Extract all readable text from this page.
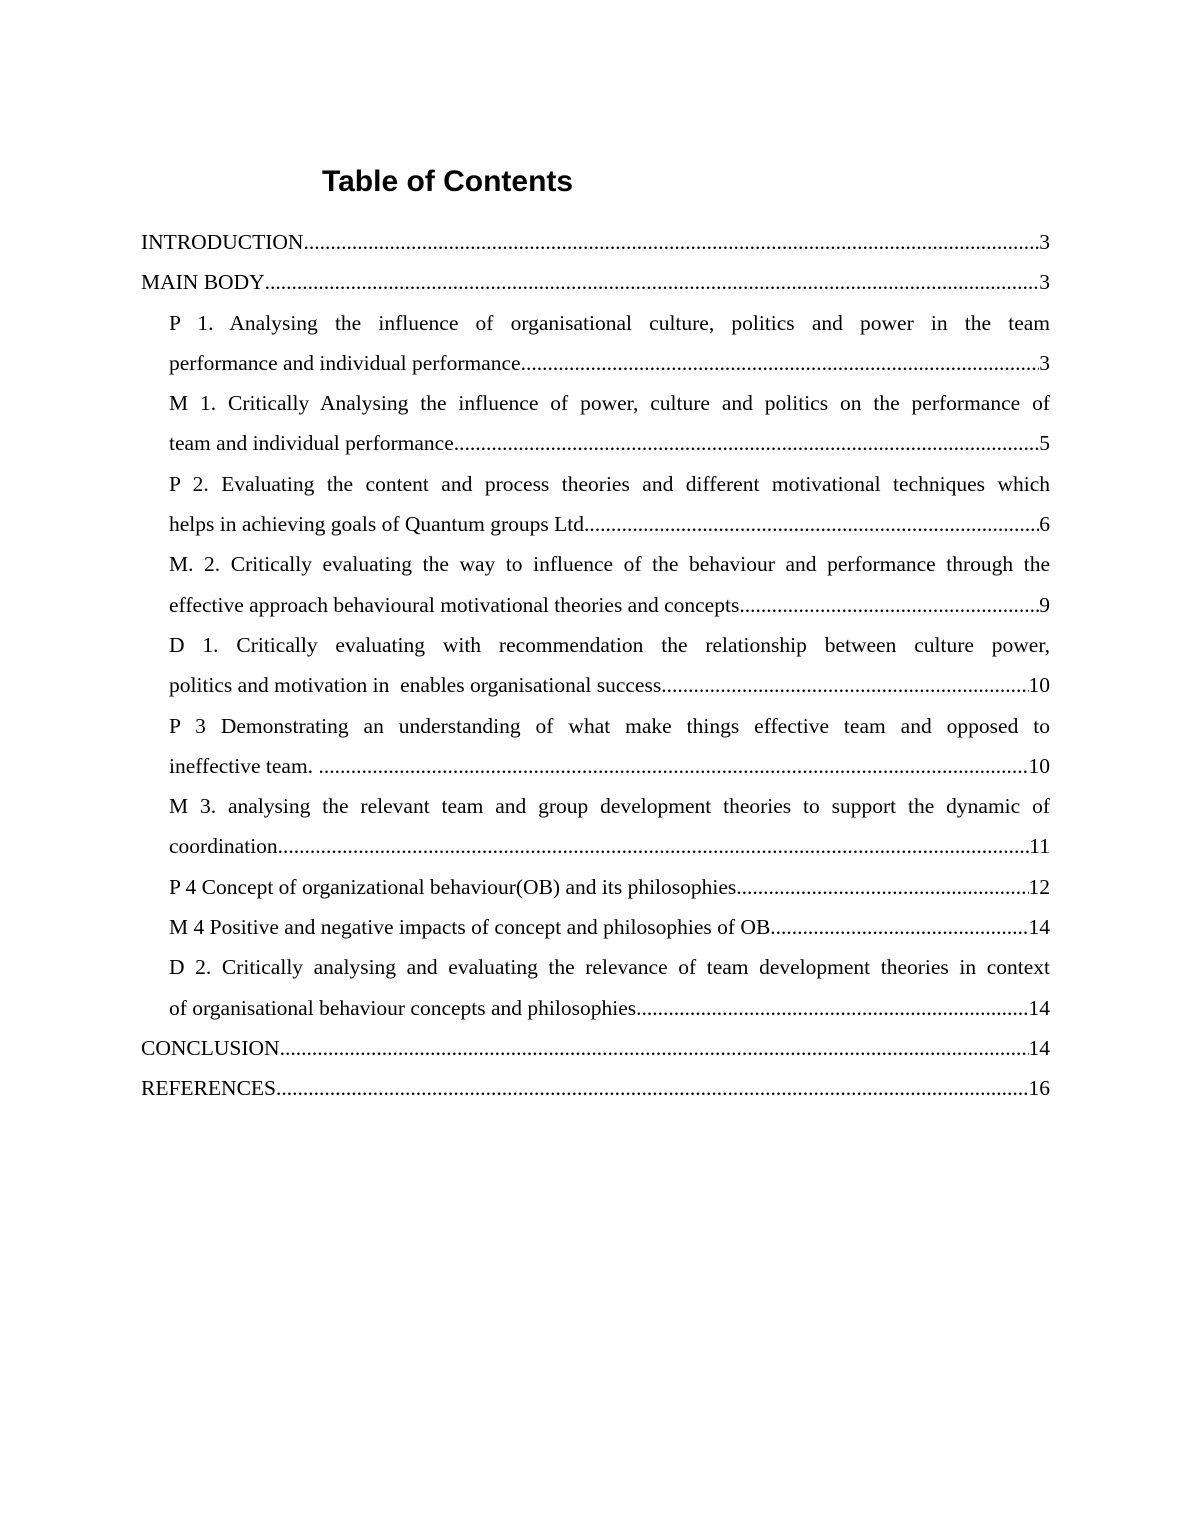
Table of Contents
INTRODUCTION .....	3
MAIN BODY .....	3
P 1. Analysing the influence of organisational culture, politics and power in the team
performance and individual performance .....	3
M 1. Critically Analysing the influence of power, culture and politics on the performance of
team and individual performance .....	5
P 2. Evaluating the content and process theories and different motivational techniques which
helps in achieving goals of Quantum groups Ltd .....	6
M. 2. Critically evaluating the way to influence of the behaviour and performance through the
effective approach behavioural motivational theories and concepts .....	9
D 1. Critically evaluating with recommendation the relationship between culture power,
politics and motivation in  enables organisational success .....	10
P 3 Demonstrating an understanding of what make things effective team and opposed to
ineffective team. .....	10
M 3. analysing the relevant team and group development theories to support the dynamic of
coordination .....	11
P 4 Concept of organizational behaviour(OB) and its philosophies .....	12
M 4 Positive and negative impacts of concept and philosophies of OB .....	14
D 2. Critically analysing and evaluating the relevance of team development theories in context
of organisational behaviour concepts and philosophies .....	14
CONCLUSION .....	14
REFERENCES .....	16
